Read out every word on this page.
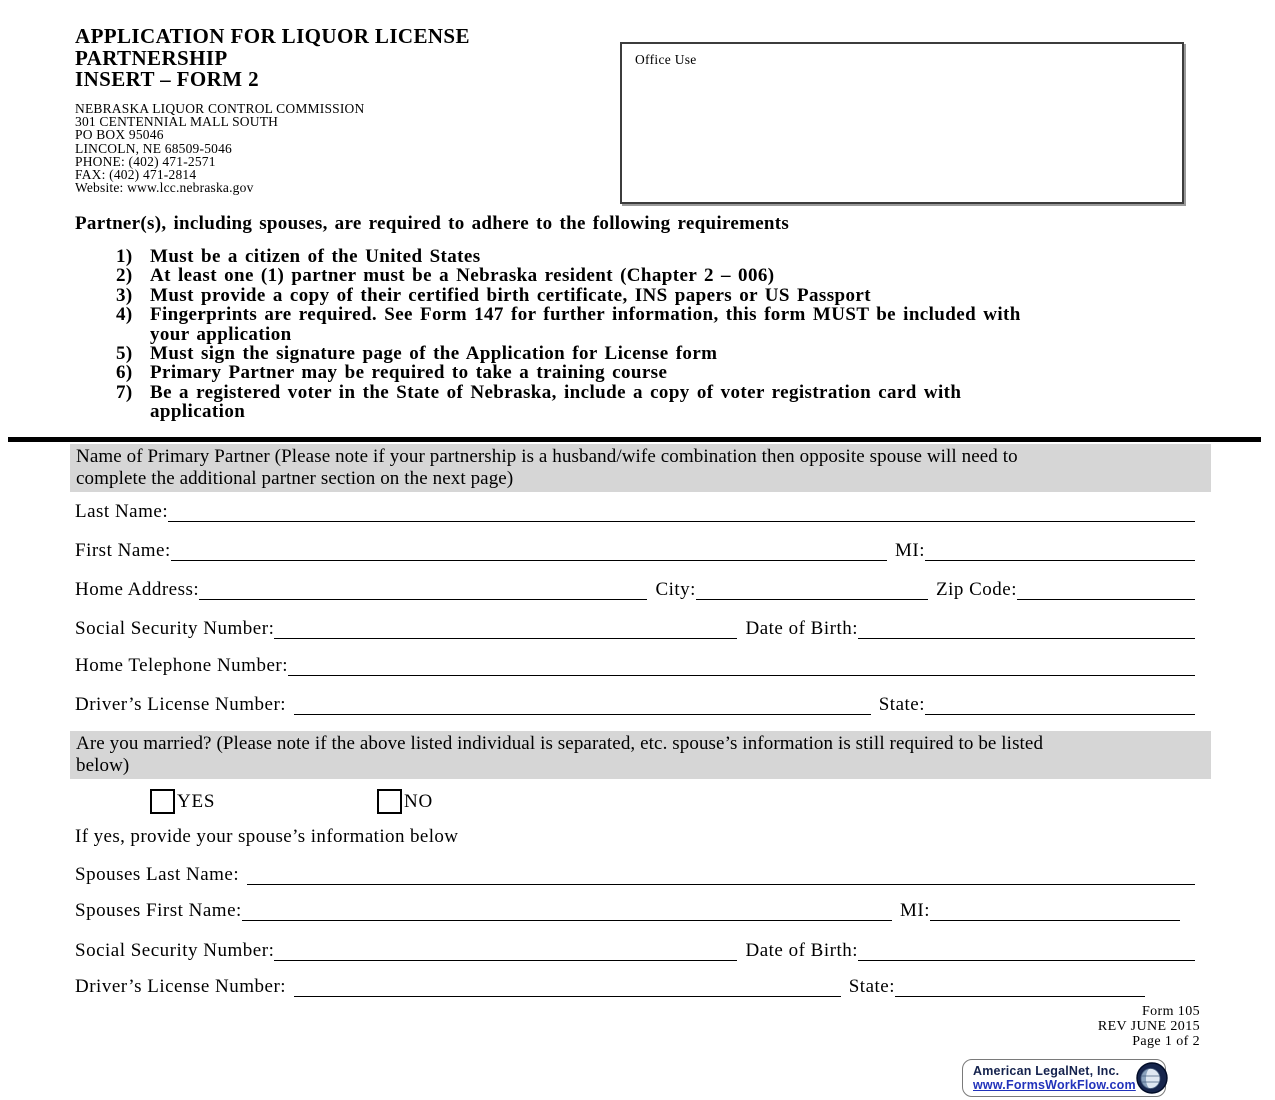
APPLICATION FOR LIQUOR LICENSE
PARTNERSHIP
INSERT – FORM 2
NEBRASKA LIQUOR CONTROL COMMISSION
301 CENTENNIAL MALL SOUTH
PO BOX 95046
LINCOLN, NE 68509-5046
PHONE: (402) 471-2571
FAX: (402) 471-2814
Website: www.lcc.nebraska.gov
Office Use
Partner(s), including spouses, are required to adhere to the following requirements
1) Must be a citizen of the United States
2) At least one (1) partner must be a Nebraska resident (Chapter 2 – 006)
3) Must provide a copy of their certified birth certificate, INS papers or US Passport
4) Fingerprints are required. See Form 147 for further information, this form MUST be included with your application
5) Must sign the signature page of the Application for License form
6) Primary Partner may be required to take a training course
7) Be a registered voter in the State of Nebraska, include a copy of voter registration card with application
Name of Primary Partner (Please note if your partnership is a husband/wife combination then opposite spouse will need to complete the additional partner section on the next page)
Last Name:
First Name:	MI:
Home Address:	City:	Zip Code:
Social Security Number:	Date of Birth:
Home Telephone Number:
Driver’s License Number:	State:
Are you married? (Please note if the above listed individual is separated, etc. spouse’s information is still required to be listed below)
YES	NO
If yes, provide your spouse’s information below
Spouses Last Name:
Spouses First Name:	MI:
Social Security Number:	Date of Birth:
Driver’s License Number:	State:
Form 105
REV JUNE 2015
Page 1 of 2
American LegalNet, Inc.
www.FormsWorkFlow.com
